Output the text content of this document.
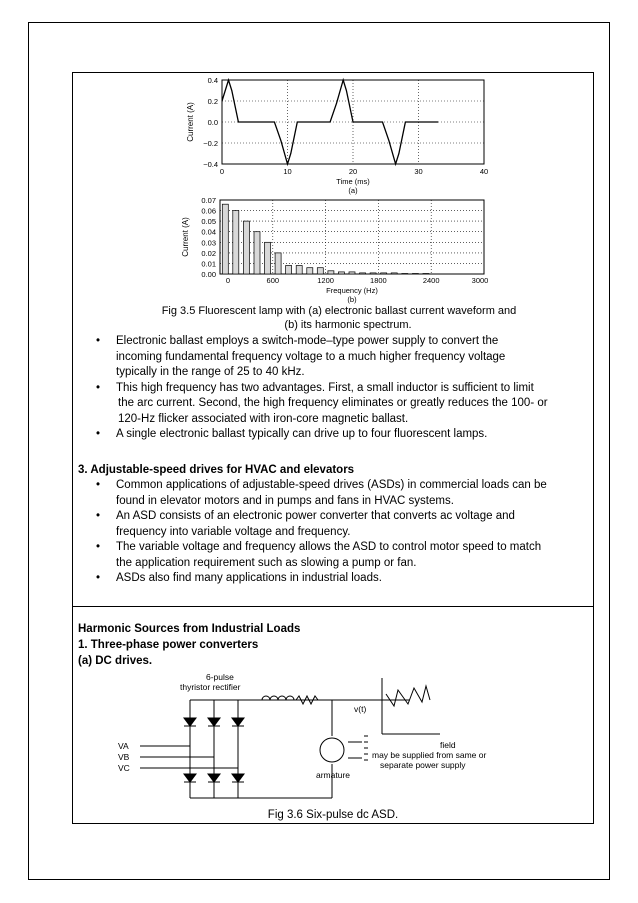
0.4
0.2
0.0
−0.2
−0.4
0	10	20	30	40
Time (ms)
(a)
Current (A)
0.07
0.06
0.05
0.04
0.03
0.02
0.01
0.00
0	600	1200	1800	2400	3000
Frequency (Hz)
(b)
Current (A)
Fig 3.5 Fluorescent lamp with (a) electronic ballast current waveform and
(b) its harmonic spectrum.
• Electronic ballast employs a switch-mode–type power supply to convert the
incoming fundamental frequency voltage to a much higher frequency voltage
typically in the range of 25 to 40 kHz.
• This high frequency has two advantages. First, a small inductor is sufficient to limit
the arc current. Second, the high frequency eliminates or greatly reduces the 100- or
120-Hz flicker associated with iron-core magnetic ballast.
• A single electronic ballast typically can drive up to four fluorescent lamps.
3. Adjustable-speed drives for HVAC and elevators
• Common applications of adjustable-speed drives (ASDs) in commercial loads can be
found in elevator motors and in pumps and fans in HVAC systems.
• An ASD consists of an electronic power converter that converts ac voltage and
frequency into variable voltage and frequency.
• The variable voltage and frequency allows the ASD to control motor speed to match
the application requirement such as slowing a pump or fan.
• ASDs also find many applications in industrial loads.
Harmonic Sources from Industrial Loads
1. Three-phase power converters
(a) DC drives.
6-pulse
thyristor rectifier
VA
VB
VC
v(t)
field
may be supplied from same or
separate power supply
armature
Fig 3.6 Six-pulse dc ASD.
